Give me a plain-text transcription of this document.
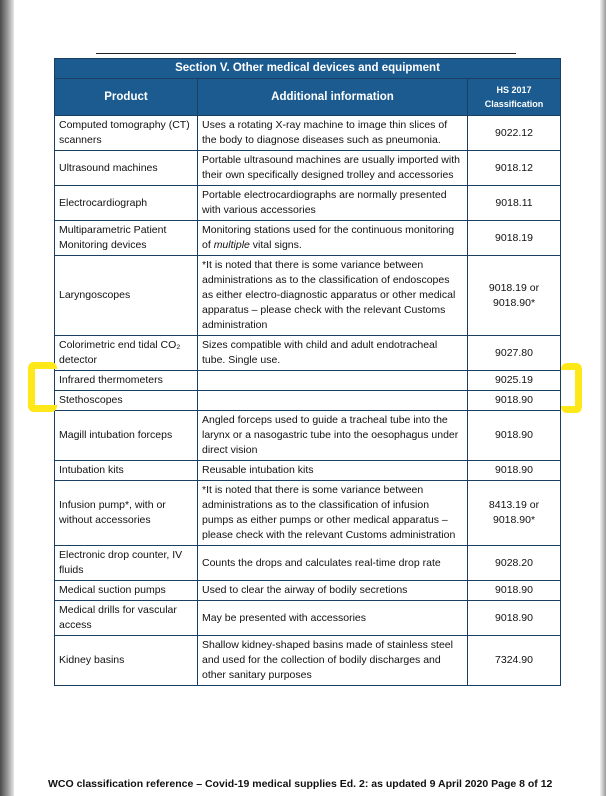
Section V. Other medical devices and equipment		
Product	Additional information	HS 2017
Classification
Computed tomography (CT) scanners	Uses a rotating X-ray machine to image thin slices of the body to diagnose diseases such as pneumonia.	9022.12
Ultrasound machines	Portable ultrasound machines are usually imported with their own specifically designed trolley and accessories	9018.12
Electrocardiograph	Portable electrocardiographs are normally presented with various accessories	9018.11
Multiparametric Patient Monitoring devices	Monitoring stations used for the continuous monitoring of multiple vital signs.	9018.19
Laryngoscopes	*It is noted that there is some variance between administrations as to the classification of endoscopes as either electro-diagnostic apparatus or other medical apparatus – please check with the relevant Customs administration	9018.19 or 9018.90*
Colorimetric end tidal CO₂ detector	Sizes compatible with child and adult endotracheal tube. Single use.	9027.80
Infrared thermometers		9025.19
Stethoscopes		9018.90
Magill intubation forceps	Angled forceps used to guide a tracheal tube into the larynx or a nasogastric tube into the oesophagus under direct vision	9018.90
Intubation kits	Reusable intubation kits	9018.90
Infusion pump*, with or without accessories	*It is noted that there is some variance between administrations as to the classification of infusion pumps as either pumps or other medical apparatus – please check with the relevant Customs administration	8413.19 or 9018.90*
Electronic drop counter, IV fluids	Counts the drops and calculates real-time drop rate	9028.20
Medical suction pumps	Used to clear the airway of bodily secretions	9018.90
Medical drills for vascular access	May be presented with accessories	9018.90
Kidney basins	Shallow kidney-shaped basins made of stainless steel and used for the collection of bodily discharges and other sanitary purposes	7324.90
WCO classification reference – Covid-19 medical supplies Ed. 2: as updated 9 April 2020 Page 8 of 12
